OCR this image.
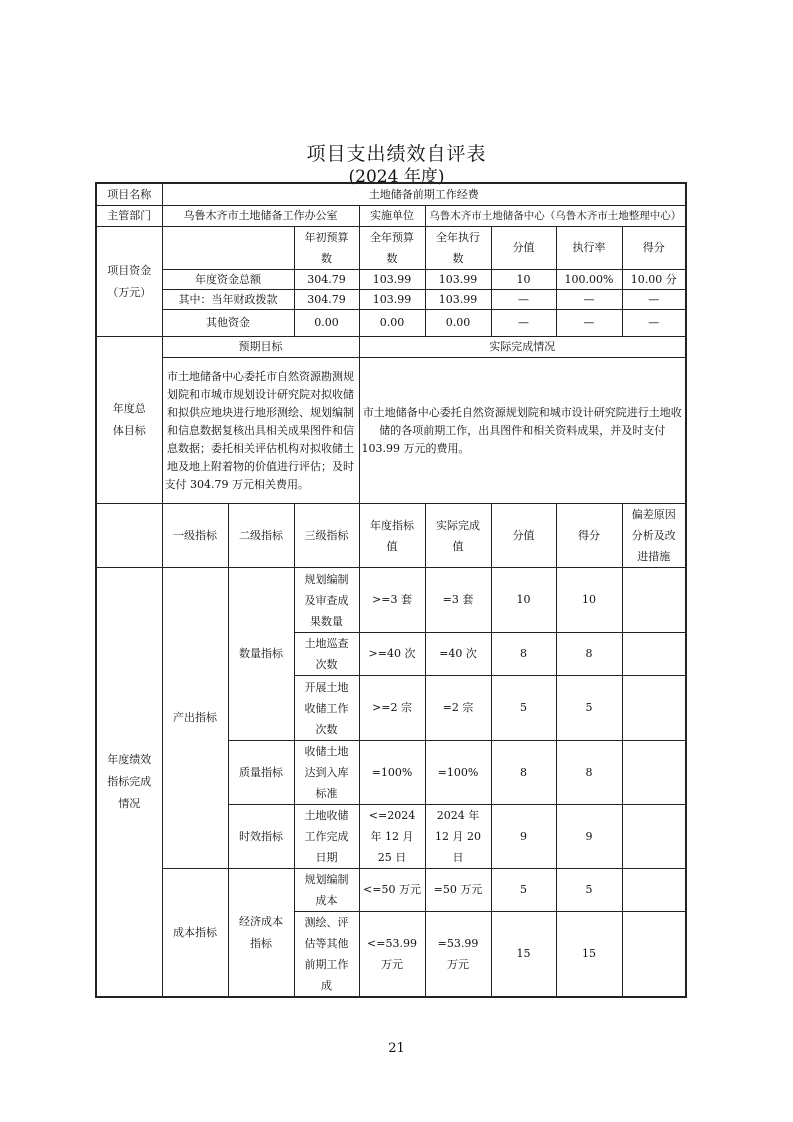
项目支出绩效自评表
(2024 年度)
项目名称	土地储备前期工作经费							
主管部门	乌鲁木齐市土地储备工作办公室			实施单位	乌鲁木齐市土地储备中心（乌鲁木齐市土地整理中心）			
项目资金（万元）			年初预算数	全年预算数	全年执行数	分值	执行率	得分
	年度资金总额		304.79	103.99	103.99	10	100.00%	10.00 分
	其中：当年财政拨款		304.79	103.99	103.99	—	—	—
	其他资金		0.00	0.00	0.00	—	—	—
年度总体目标	预期目标			实际完成情况				
	市土地储备中心委托市自然资源勘测规划院和市城市规划设计研究院对拟收储和拟供应地块进行地形测绘、规划编制和信息数据复核出具相关成果图件和信息数据；委托相关评估机构对拟收储土地及地上附着物的价值进行评估；及时支付 304.79 万元相关费用。			市土地储备中心委托自然资源规划院和城市设计研究院进行土地收储的各项前期工作，出具图件和相关资料成果，并及时支付 103.99 万元的费用。				
	一级指标	二级指标	三级指标	年度指标值	实际完成值	分值	得分	偏差原因分析及改进措施
年度绩效指标完成情况	产出指标	数量指标	规划编制及审查成果数量	>=3 套	=3 套	10	10	
			土地巡查次数	>=40 次	=40 次	8	8	
			开展土地收储工作次数	>=2 宗	=2 宗	5	5	
		质量指标	收储土地达到入库标准	=100%	=100%	8	8	
		时效指标	土地收储工作完成日期	<=2024 年 12 月 25 日	2024 年 12 月 20 日	9	9	
	成本指标	经济成本指标	规划编制成本	<=50 万元	=50 万元	5	5	
			测绘、评估等其他前期工作成	<=53.99 万元	=53.99 万元	15	15	
21
